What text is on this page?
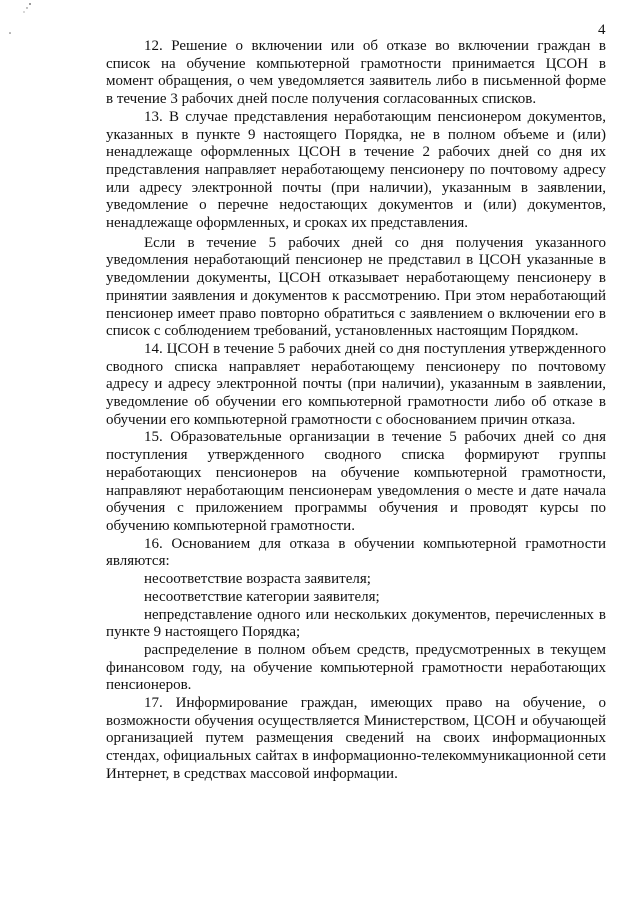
4

12. Решение о включении или об отказе во включении граждан в список на обучение компьютерной грамотности принимается ЦСОН в момент обращения, о чем уведомляется заявитель либо в письменной форме в течение 3 рабочих дней после получения согласованных списков.

13. В случае представления неработающим пенсионером документов, указанных в пункте 9 настоящего Порядка, не в полном объеме и (или) ненадлежаще оформленных ЦСОН в течение 2 рабочих дней со дня их представления направляет неработающему пенсионеру по почтовому адресу или адресу электронной почты (при наличии), указанным в заявлении, уведомление о перечне недостающих документов и (или) документов, ненадлежаще оформленных, и сроках их представления.

Если в течение 5 рабочих дней со дня получения указанного уведомления неработающий пенсионер не представил в ЦСОН указанные в уведомлении документы, ЦСОН отказывает неработающему пенсионеру в принятии заявления и документов к рассмотрению. При этом неработающий пенсионер имеет право повторно обратиться с заявлением о включении его в список с соблюдением требований, установленных настоящим Порядком.

14. ЦСОН в течение 5 рабочих дней со дня поступления утвержденного сводного списка направляет неработающему пенсионеру по почтовому адресу и адресу электронной почты (при наличии), указанным в заявлении, уведомление об обучении его компьютерной грамотности либо об отказе в обучении его компьютерной грамотности с обоснованием причин отказа.

15. Образовательные организации в течение 5 рабочих дней со дня поступления утвержденного сводного списка формируют группы неработающих пенсионеров на обучение компьютерной грамотности, направляют неработающим пенсионерам уведомления о месте и дате начала обучения с приложением программы обучения и проводят курсы по обучению компьютерной грамотности.

16. Основанием для отказа в обучении компьютерной грамотности являются:

несоответствие возраста заявителя;

несоответствие категории заявителя;

непредставление одного или нескольких документов, перечисленных в пункте 9 настоящего Порядка;

распределение в полном объем средств, предусмотренных в текущем финансовом году, на обучение компьютерной грамотности неработающих пенсионеров.

17. Информирование граждан, имеющих право на обучение, о возможности обучения осуществляется Министерством, ЦСОН и обучающей организацией путем размещения сведений на своих информационных стендах, официальных сайтах в информационно-телекоммуникационной сети Интернет, в средствах массовой информации.
